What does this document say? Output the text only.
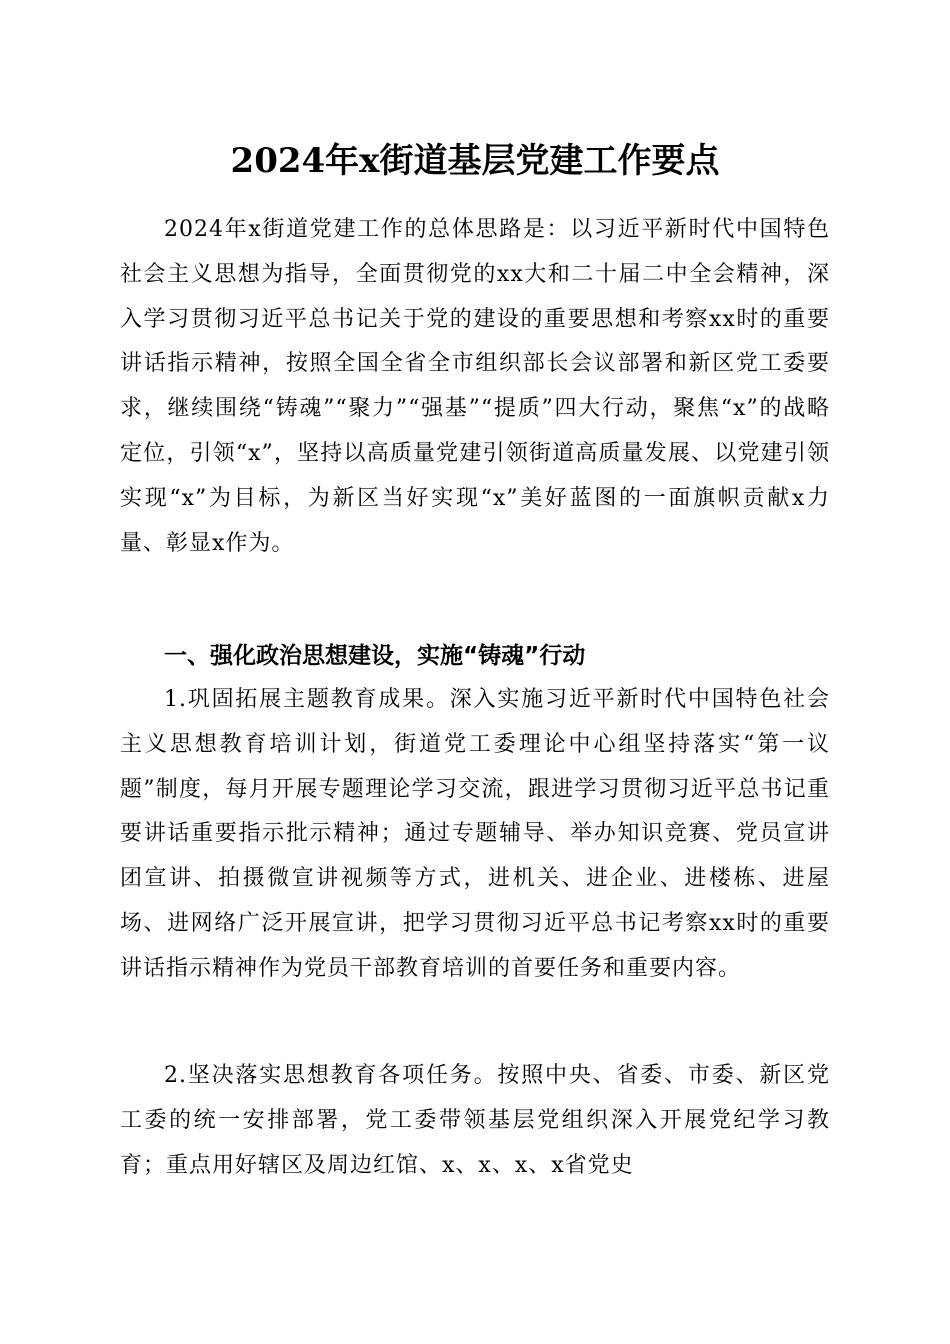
2024年x街道基层党建工作要点

2024年x街道党建工作的总体思路是：以习近平新时代中国特色社会主义思想为指导，全面贯彻党的xx大和二十届二中全会精神，深入学习贯彻习近平总书记关于党的建设的重要思想和考察xx时的重要讲话指示精神，按照全国全省全市组织部长会议部署和新区党工委要求，继续围绕“铸魂”“聚力”“强基”“提质”四大行动，聚焦“x”的战略定位，引领“x”，坚持以高质量党建引领街道高质量发展、以党建引领实现“x”为目标，为新区当好实现“x”美好蓝图的一面旗帜贡献x力量、彰显x作为。

一、强化政治思想建设，实施“铸魂”行动

1.巩固拓展主题教育成果。深入实施习近平新时代中国特色社会主义思想教育培训计划，街道党工委理论中心组坚持落实“第一议题”制度，每月开展专题理论学习交流，跟进学习贯彻习近平总书记重要讲话重要指示批示精神；通过专题辅导、举办知识竞赛、党员宣讲团宣讲、拍摄微宣讲视频等方式，进机关、进企业、进楼栋、进屋场、进网络广泛开展宣讲，把学习贯彻习近平总书记考察xx时的重要讲话指示精神作为党员干部教育培训的首要任务和重要内容。

2.坚决落实思想教育各项任务。按照中央、省委、市委、新区党工委的统一安排部署，党工委带领基层党组织深入开展党纪学习教育；重点用好辖区及周边红馆、x、x、x、x省党史
